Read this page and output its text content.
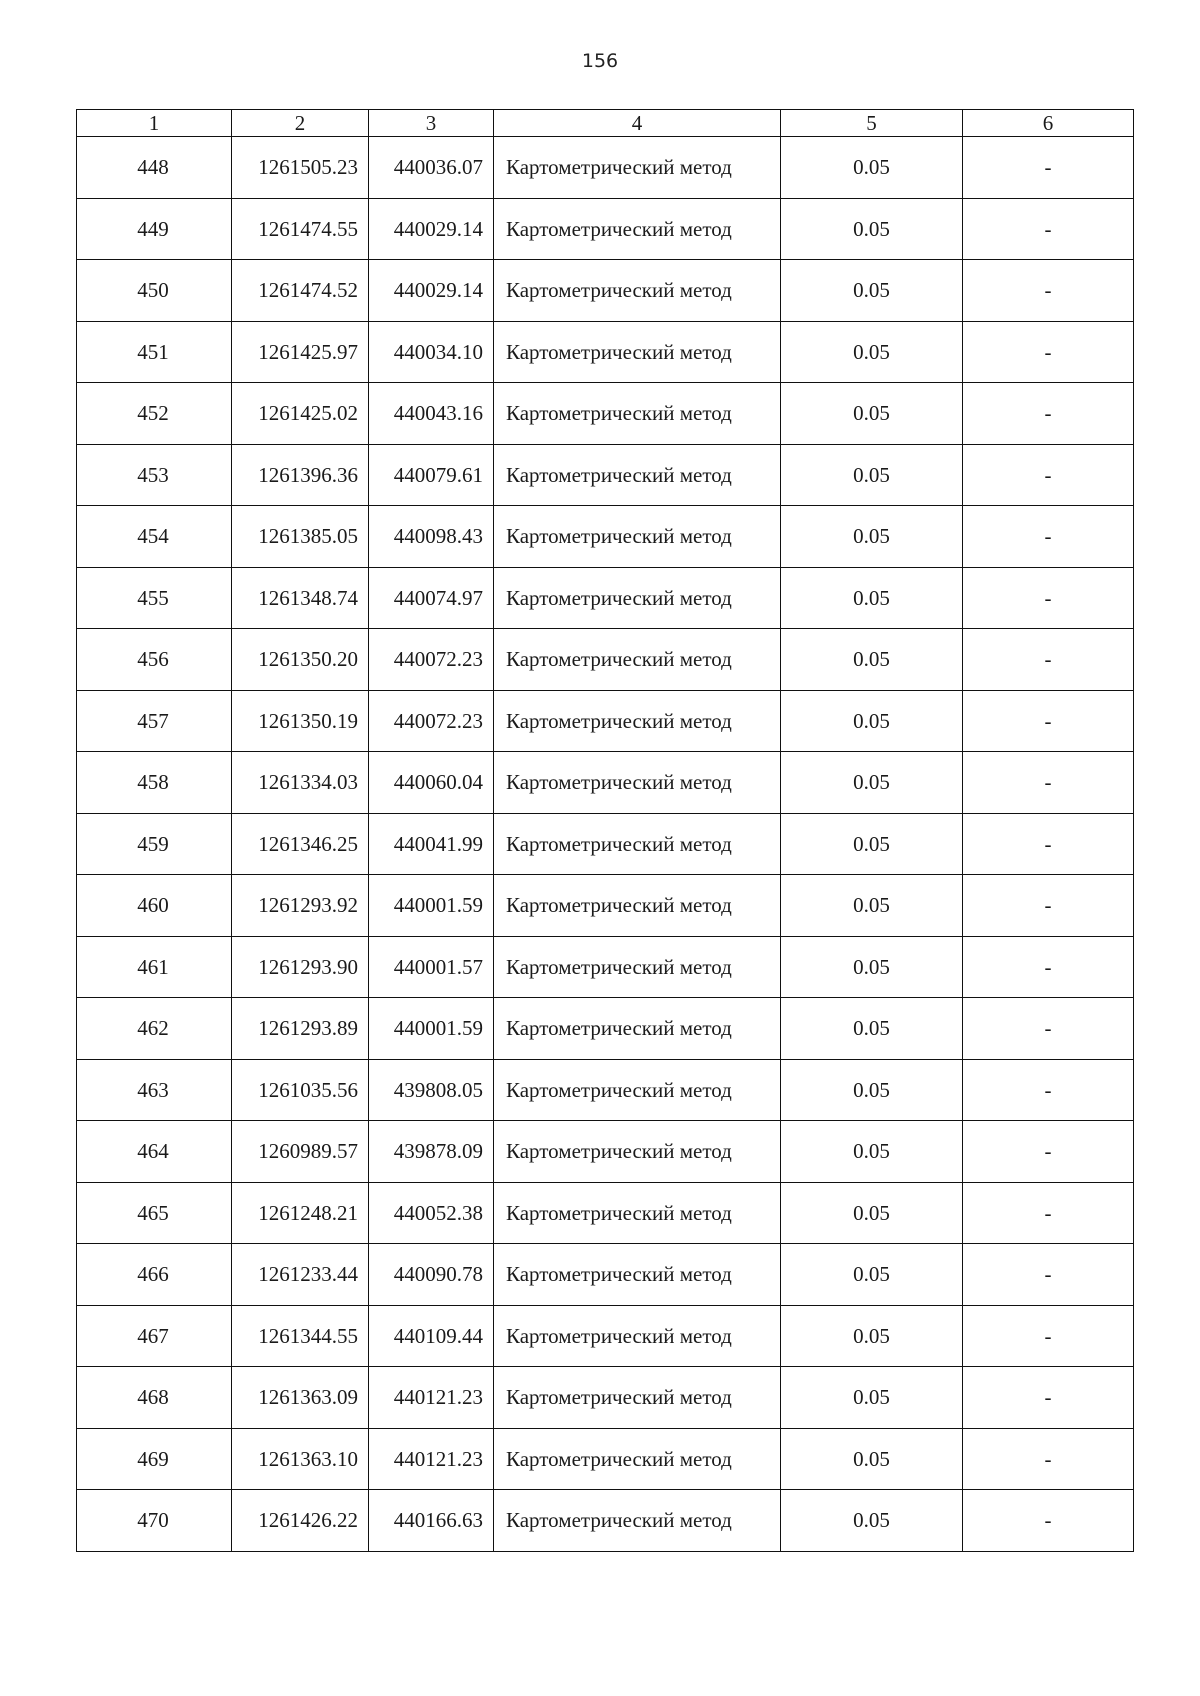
156
1	2	3	4	5	6
448	1261505.23	440036.07	Картометрический метод	0.05	-
449	1261474.55	440029.14	Картометрический метод	0.05	-
450	1261474.52	440029.14	Картометрический метод	0.05	-
451	1261425.97	440034.10	Картометрический метод	0.05	-
452	1261425.02	440043.16	Картометрический метод	0.05	-
453	1261396.36	440079.61	Картометрический метод	0.05	-
454	1261385.05	440098.43	Картометрический метод	0.05	-
455	1261348.74	440074.97	Картометрический метод	0.05	-
456	1261350.20	440072.23	Картометрический метод	0.05	-
457	1261350.19	440072.23	Картометрический метод	0.05	-
458	1261334.03	440060.04	Картометрический метод	0.05	-
459	1261346.25	440041.99	Картометрический метод	0.05	-
460	1261293.92	440001.59	Картометрический метод	0.05	-
461	1261293.90	440001.57	Картометрический метод	0.05	-
462	1261293.89	440001.59	Картометрический метод	0.05	-
463	1261035.56	439808.05	Картометрический метод	0.05	-
464	1260989.57	439878.09	Картометрический метод	0.05	-
465	1261248.21	440052.38	Картометрический метод	0.05	-
466	1261233.44	440090.78	Картометрический метод	0.05	-
467	1261344.55	440109.44	Картометрический метод	0.05	-
468	1261363.09	440121.23	Картометрический метод	0.05	-
469	1261363.10	440121.23	Картометрический метод	0.05	-
470	1261426.22	440166.63	Картометрический метод	0.05	-
